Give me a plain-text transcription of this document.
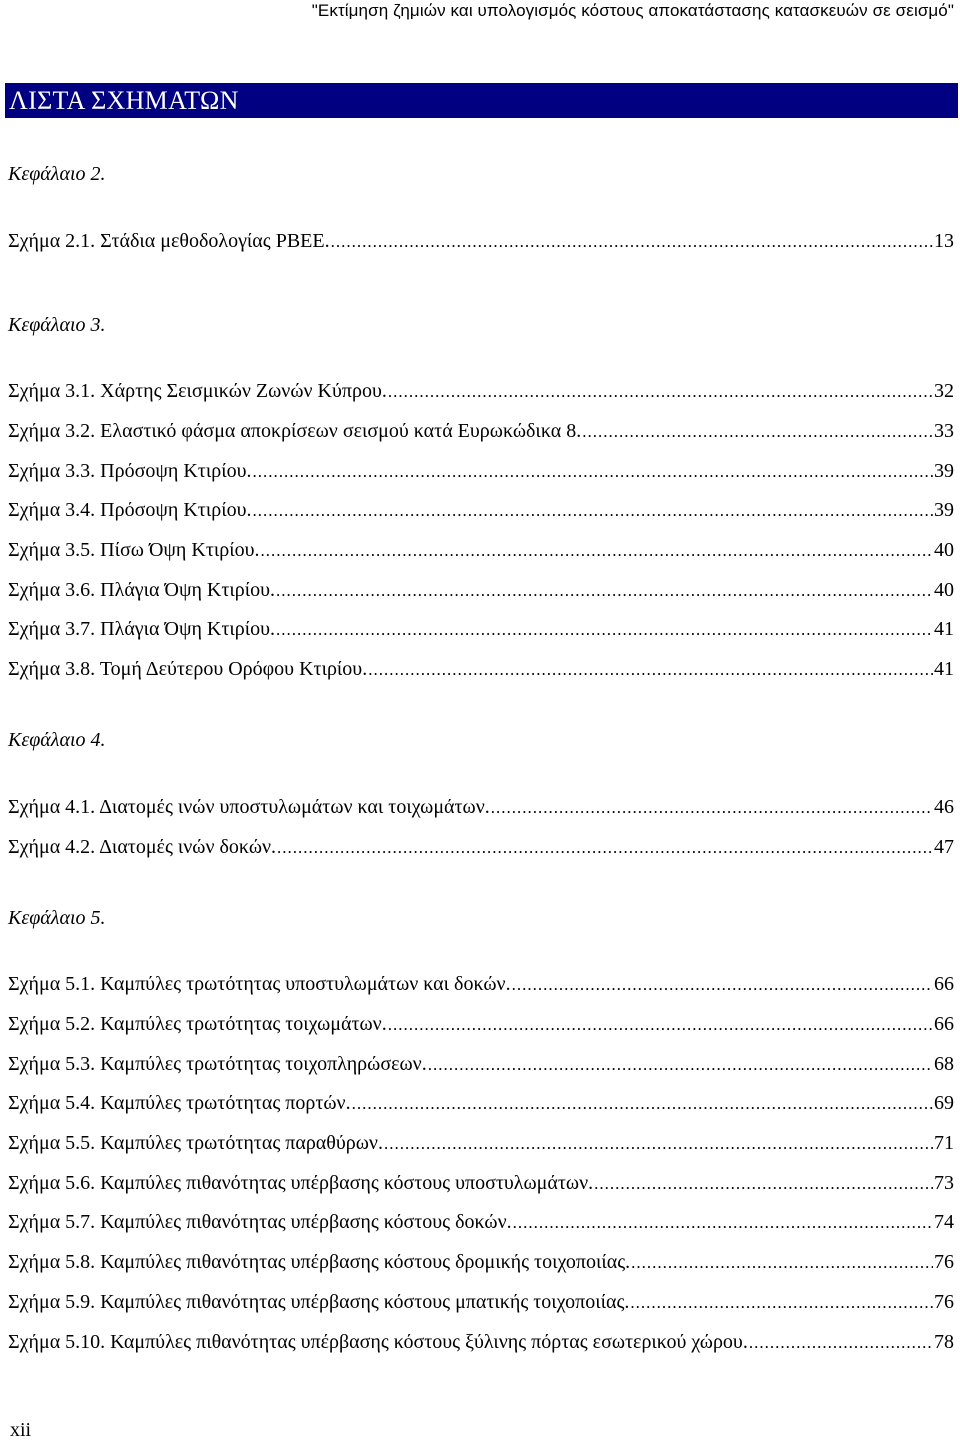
"Εκτίμηση ζημιών και υπολογισμός κόστους αποκατάστασης κατασκευών σε σεισμό"
ΛΙΣΤΑ ΣΧΗΜΑΤΩΝ
Κεφάλαιο 2.
Σχήμα 2.1. Στάδια μεθοδολογίας ΡΒΕΕ. .....	13
Κεφάλαιο 3.
Σχήμα 3.1. Χάρτης Σεισμικών Ζωνών Κύπρου. .....	32
Σχήμα 3.2. Ελαστικό φάσμα αποκρίσεων σεισμού κατά Ευρωκώδικα 8. .....	33
Σχήμα 3.3. Πρόσοψη Κτιρίου. .....	39
Σχήμα 3.4. Πρόσοψη Κτιρίου. .....	39
Σχήμα 3.5. Πίσω Όψη Κτιρίου. .....	40
Σχήμα 3.6. Πλάγια Όψη Κτιρίου. .....	40
Σχήμα 3.7. Πλάγια Όψη Κτιρίου. .....	41
Σχήμα 3.8. Τομή Δεύτερου Ορόφου Κτιρίου. .....	41
Κεφάλαιο 4.
Σχήμα 4.1. Διατομές ινών υποστυλωμάτων και τοιχωμάτων. .....	46
Σχήμα 4.2. Διατομές ινών δοκών. .....	47
Κεφάλαιο 5.
Σχήμα 5.1. Καμπύλες τρωτότητας υποστυλωμάτων και δοκών. .....	66
Σχήμα 5.2. Καμπύλες τρωτότητας τοιχωμάτων. .....	66
Σχήμα 5.3. Καμπύλες τρωτότητας τοιχοπληρώσεων. .....	68
Σχήμα 5.4. Καμπύλες τρωτότητας πορτών. .....	69
Σχήμα 5.5. Καμπύλες τρωτότητας παραθύρων. .....	71
Σχήμα 5.6. Καμπύλες πιθανότητας υπέρβασης κόστους υποστυλωμάτων. .....	73
Σχήμα 5.7. Καμπύλες πιθανότητας υπέρβασης κόστους δοκών. .....	74
Σχήμα 5.8. Καμπύλες πιθανότητας υπέρβασης κόστους δρομικής τοιχοποιίας. .....	76
Σχήμα 5.9. Καμπύλες πιθανότητας υπέρβασης κόστους μπατικής τοιχοποιίας. .....	76
Σχήμα 5.10. Καμπύλες πιθανότητας υπέρβασης κόστους ξύλινης πόρτας εσωτερικού χώρου. .....	78
xii
